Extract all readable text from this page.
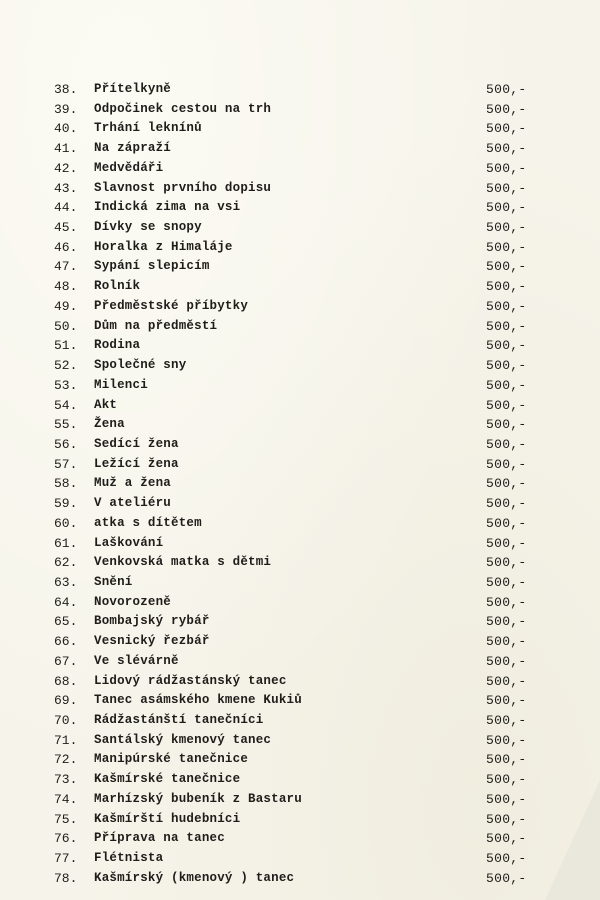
38.	Přítelkyně	500,-
39.	Odpočinek cestou na trh	500,-
40.	Trhání leknínů	500,-
41.	Na zápraží	500,-
42.	Medvědáři	500,-
43.	Slavnost prvního dopisu	500,-
44.	Indická zima na vsi	500,-
45.	Dívky se snopy	500,-
46.	Horalka z Himaláje	500,-
47.	Sypání slepicím	500,-
48.	Rolník	500,-
49.	Předměstské příbytky	500,-
50.	Dům na předměstí	500,-
51.	Rodina	500,-
52.	Společné sny	500,-
53.	Milenci	500,-
54.	Akt	500,-
55.	Žena	500,-
56.	Sedící žena	500,-
57.	Ležící žena	500,-
58.	Muž a žena	500,-
59.	V ateliéru	500,-
60.	atka s dítětem	500,-
61.	Laškování	500,-
62.	Venkovská matka s dětmi	500,-
63.	Snění	500,-
64.	Novorozeně	500,-
65.	Bombajský rybář	500,-
66.	Vesnický řezbář	500,-
67.	Ve slévárně	500,-
68.	Lidový rádžastánský tanec	500,-
69.	Tanec asámského kmene Kukiů	500,-
70.	Rádžastánští tanečníci	500,-
71.	Santálský kmenový tanec	500,-
72.	Manipúrské tanečnice	500,-
73.	Kašmírské tanečnice	500,-
74.	Marhízský bubeník z Bastaru	500,-
75.	Kašmírští hudebníci	500,-
76.	Příprava na tanec	500,-
77.	Flétnista	500,-
78.	Kašmírský (kmenový ) tanec	500,-
